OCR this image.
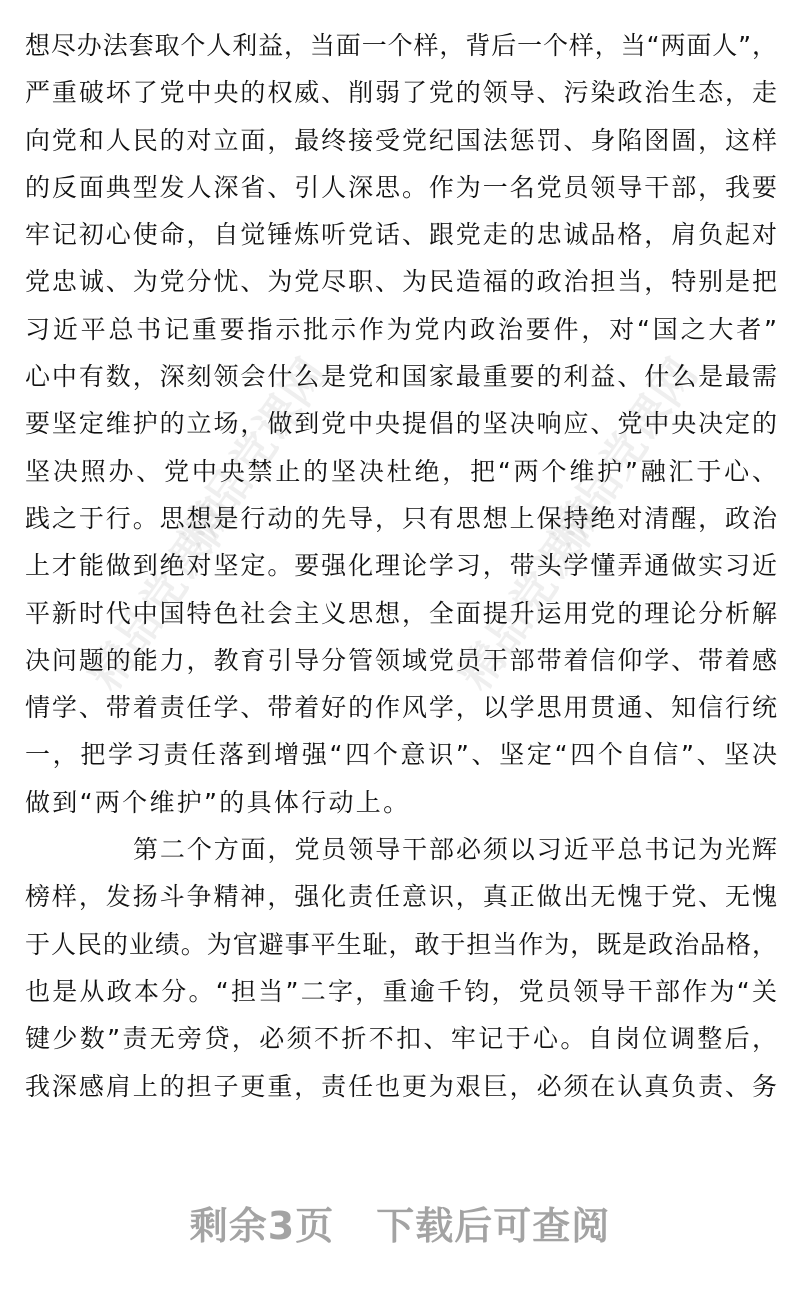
精品党课网	精品党课网
精品党课网	精品党课网
想尽办法套取个人利益，当面一个样，背后一个样，当“两面人”，
严重破坏了党中央的权威、削弱了党的领导、污染政治生态，走
向党和人民的对立面，最终接受党纪国法惩罚、身陷囹圄，这样
的反面典型发人深省、引人深思。作为一名党员领导干部，我要
牢记初心使命，自觉锤炼听党话、跟党走的忠诚品格，肩负起对
党忠诚、为党分忧、为党尽职、为民造福的政治担当，特别是把
习近平总书记重要指示批示作为党内政治要件，对“国之大者”
心中有数，深刻领会什么是党和国家最重要的利益、什么是最需
要坚定维护的立场，做到党中央提倡的坚决响应、党中央决定的
坚决照办、党中央禁止的坚决杜绝，把“两个维护”融汇于心、
践之于行。思想是行动的先导，只有思想上保持绝对清醒，政治
上才能做到绝对坚定。要强化理论学习，带头学懂弄通做实习近
平新时代中国特色社会主义思想，全面提升运用党的理论分析解
决问题的能力，教育引导分管领域党员干部带着信仰学、带着感
情学、带着责任学、带着好的作风学，以学思用贯通、知信行统
一，把学习责任落到增强“四个意识”、坚定“四个自信”、坚决
做到“两个维护”的具体行动上。
第二个方面，党员领导干部必须以习近平总书记为光辉
榜样，发扬斗争精神，强化责任意识，真正做出无愧于党、无愧
于人民的业绩。为官避事平生耻，敢于担当作为，既是政治品格，
也是从政本分。“担当”二字，重逾千钧，党员领导干部作为“关
键少数”责无旁贷，必须不折不扣、牢记于心。自岗位调整后，
我深感肩上的担子更重，责任也更为艰巨，必须在认真负责、务
剩余3页 下载后可查阅
